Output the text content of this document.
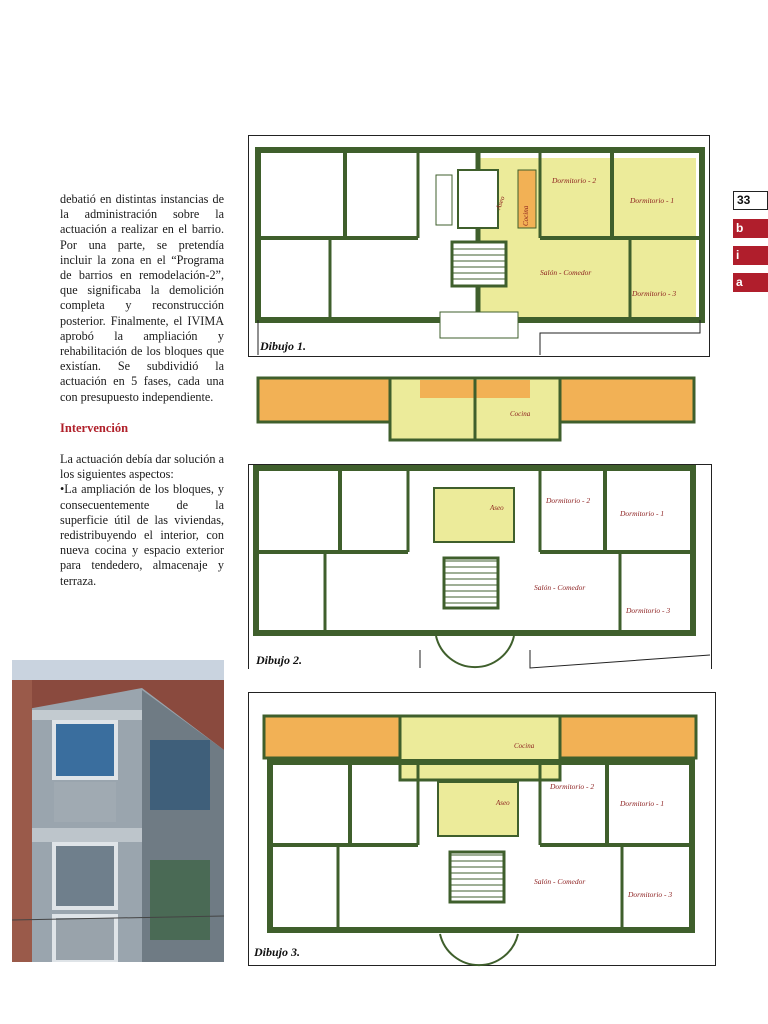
debatió en distintas instancias de la administración sobre la actuación a realizar en el barrio. Por una parte, se pretendía incluir la zona en el “Programa de barrios en remodelación-2”, que significaba la demolición completa y reconstrucción posterior. Finalmente, el IVIMA aprobó la ampliación y rehabilitación de los bloques que existían. Se subdividió la actuación en 5 fases, cada una con presupuesto independiente.

Intervención

La actuación debía dar solución a los siguientes aspectos:

•La ampliación de los bloques, y consecuentemente de la superficie útil de las viviendas, redistribuyendo el interior, con nueva cocina y espacio exterior para tendedero, almacenaje y terraza.

33
b
i
a
Dormitorio - 2
Dormitorio - 1
Salón - Comedor
Dormitorio - 3
Cocina
Aseo
Cocina
Dormitorio - 2
Dormitorio - 1
Aseo
Salón - Comedor
Dormitorio - 3
Cocina
Dormitorio - 2
Dormitorio - 1
Aseo
Salón - Comedor
Dormitorio - 3
Dibujo 1.
Dibujo 2.
Dibujo 3.
